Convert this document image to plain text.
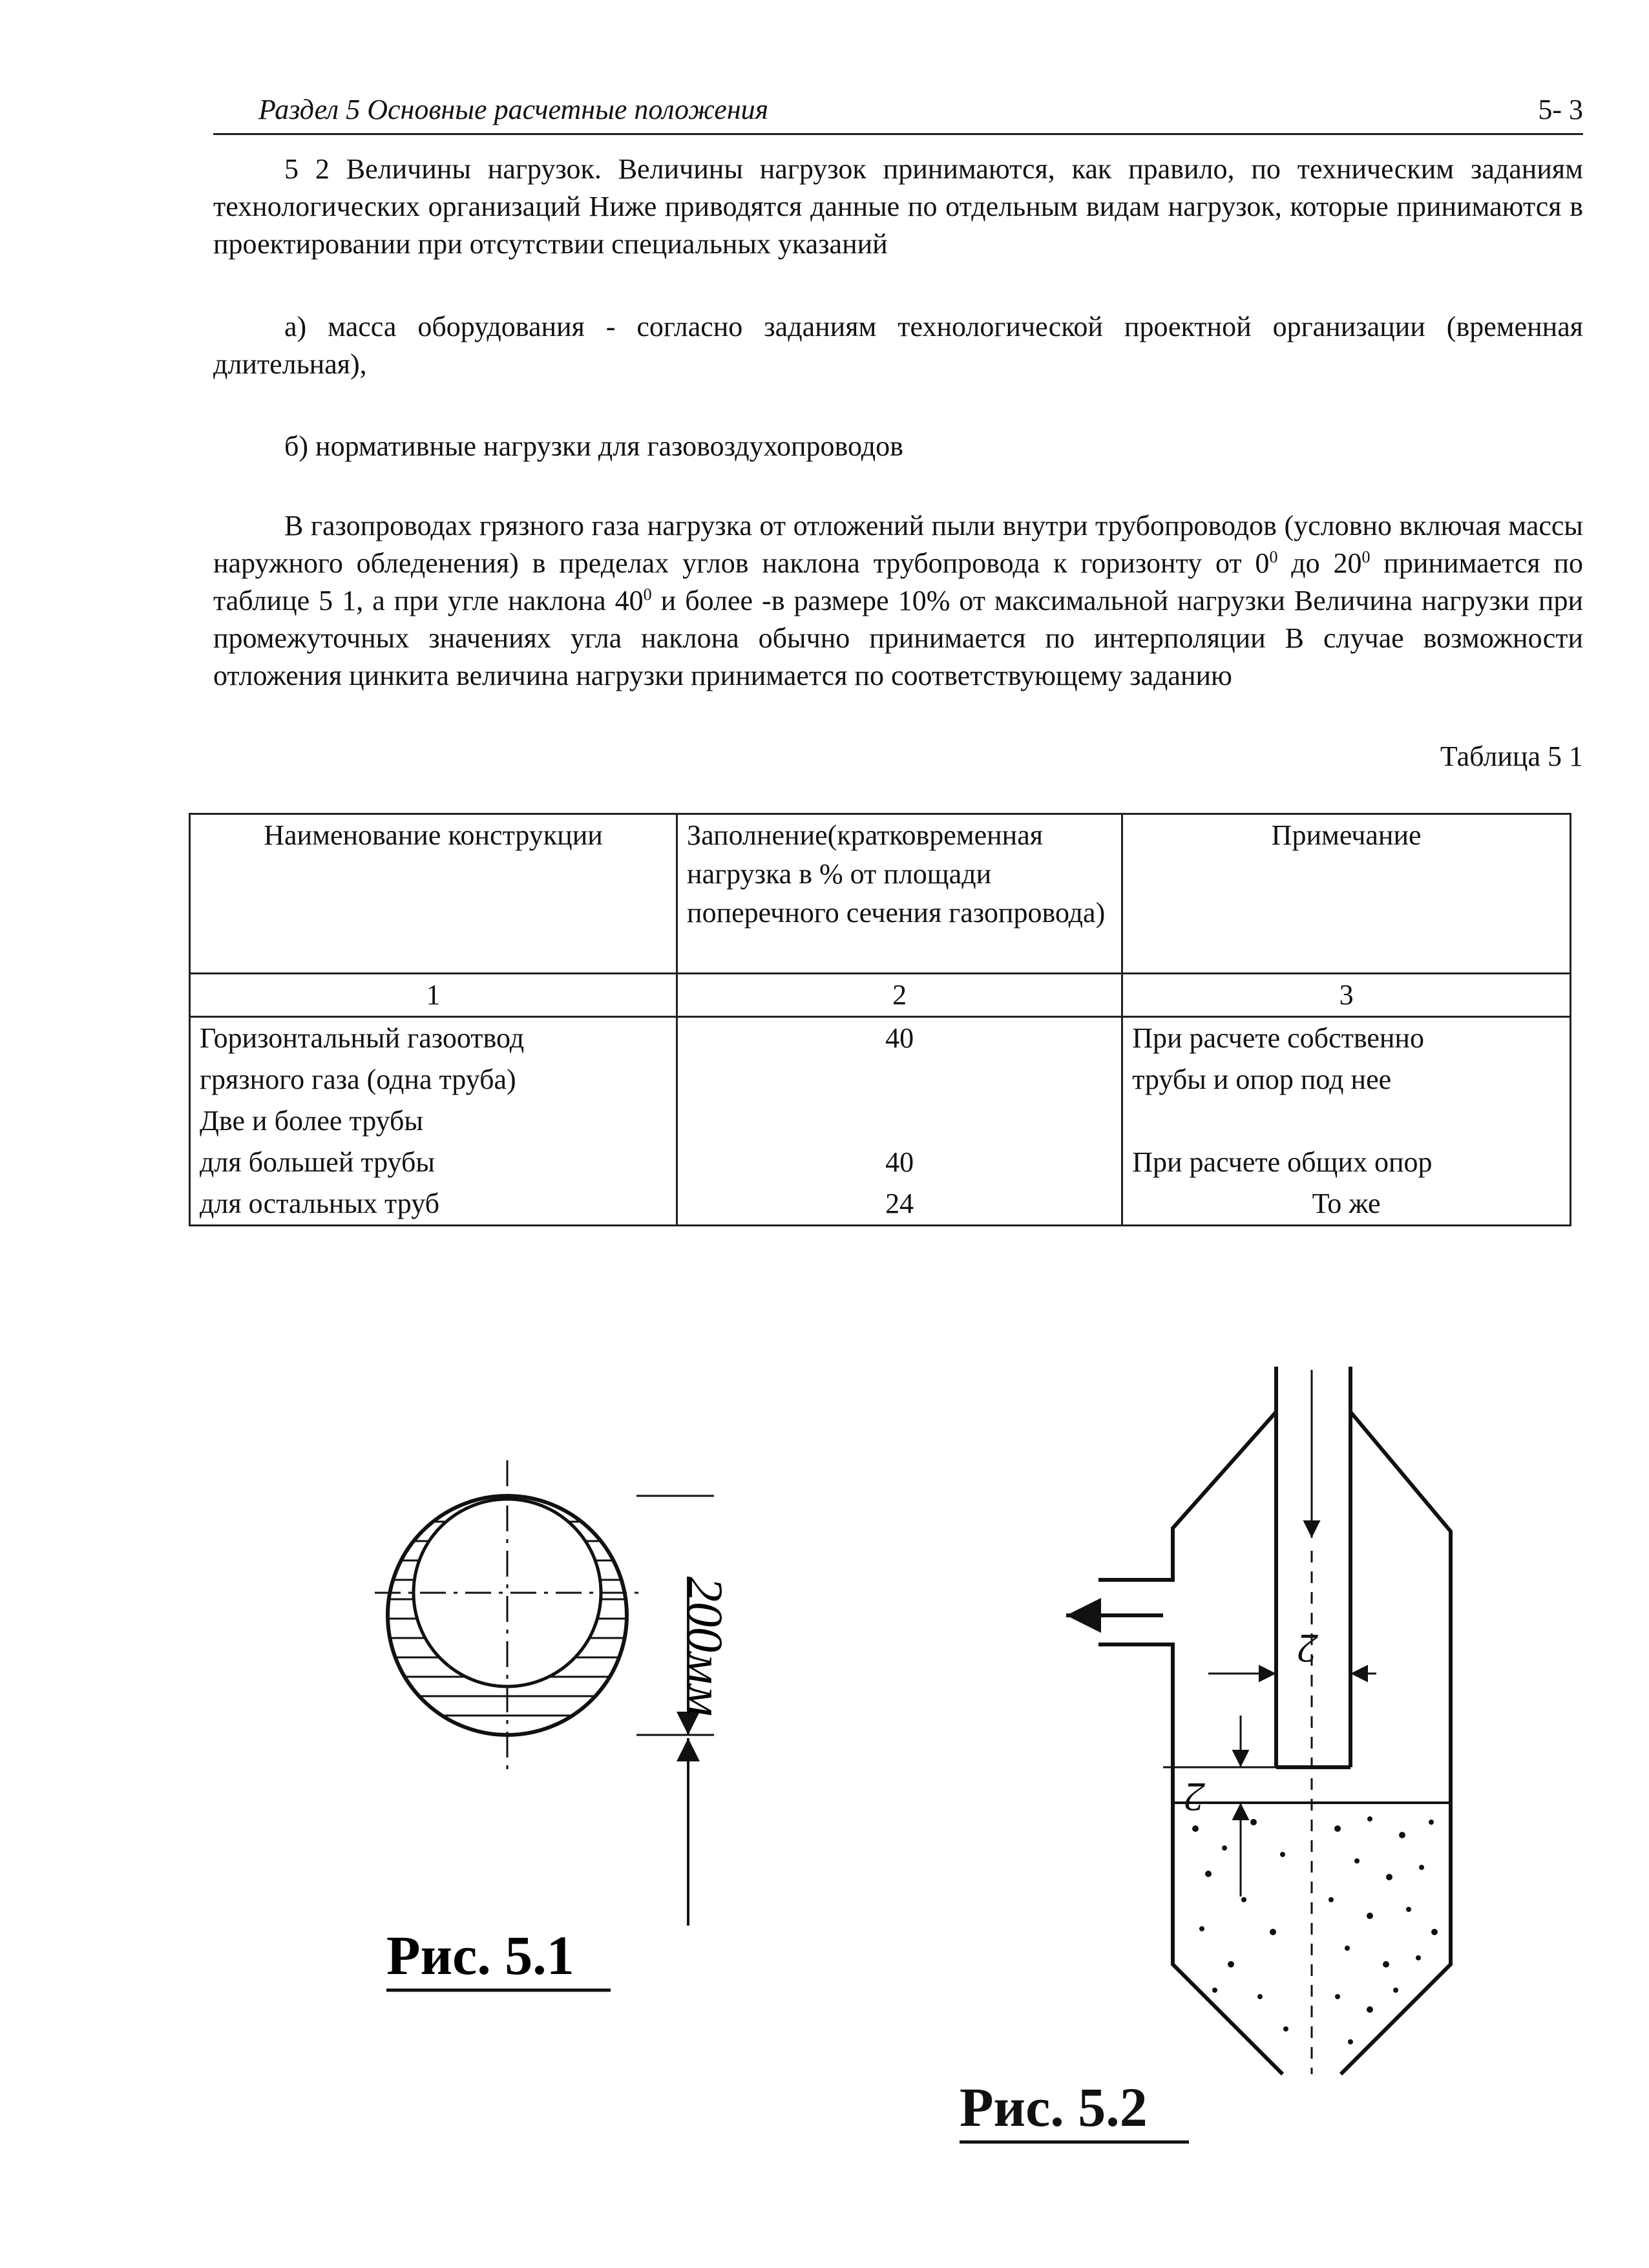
Раздел 5 Основные расчетные положения	5- 3

5 2 Величины нагрузок. Величины нагрузок принимаются, как правило, по техническим заданиям технологических организаций Ниже приводятся данные по отдельным видам нагрузок, которые принимаются в проектировании при отсутствии специальных указаний

а) масса оборудования - согласно заданиям технологической проектной организации (временная длительная),

б) нормативные нагрузки для газовоздухопроводов

В газопроводах грязного газа нагрузка от отложений пыли внутри трубопроводов (условно включая массы наружного обледенения) в пределах углов наклона трубопровода к горизонту от $0^0$ до $20^0$ принимается по таблице 5 1, а при угле наклона $40^0$ и более -в размере 10% от максимальной нагрузки Величина нагрузки при промежуточных значениях угла наклона обычно принимается по интерполяции В случае возможности отложения цинкита величина нагрузки принимается по соответствующему заданию

Таблица 5 1
Наименование конструкции	Заполнение(кратковременная нагрузка в % от площади поперечного сечения газопровода)	Примечание
1	2	3
Горизонтальный газоотвод	40	При расчете собственно
грязного газа (одна труба)		трубы и опор под нее
Две и более трубы		
для большей трубы	40	При расчете общих опор
для остальных труб	24	То же
200мм
Рис. 5.1
2
2
Рис. 5.2
